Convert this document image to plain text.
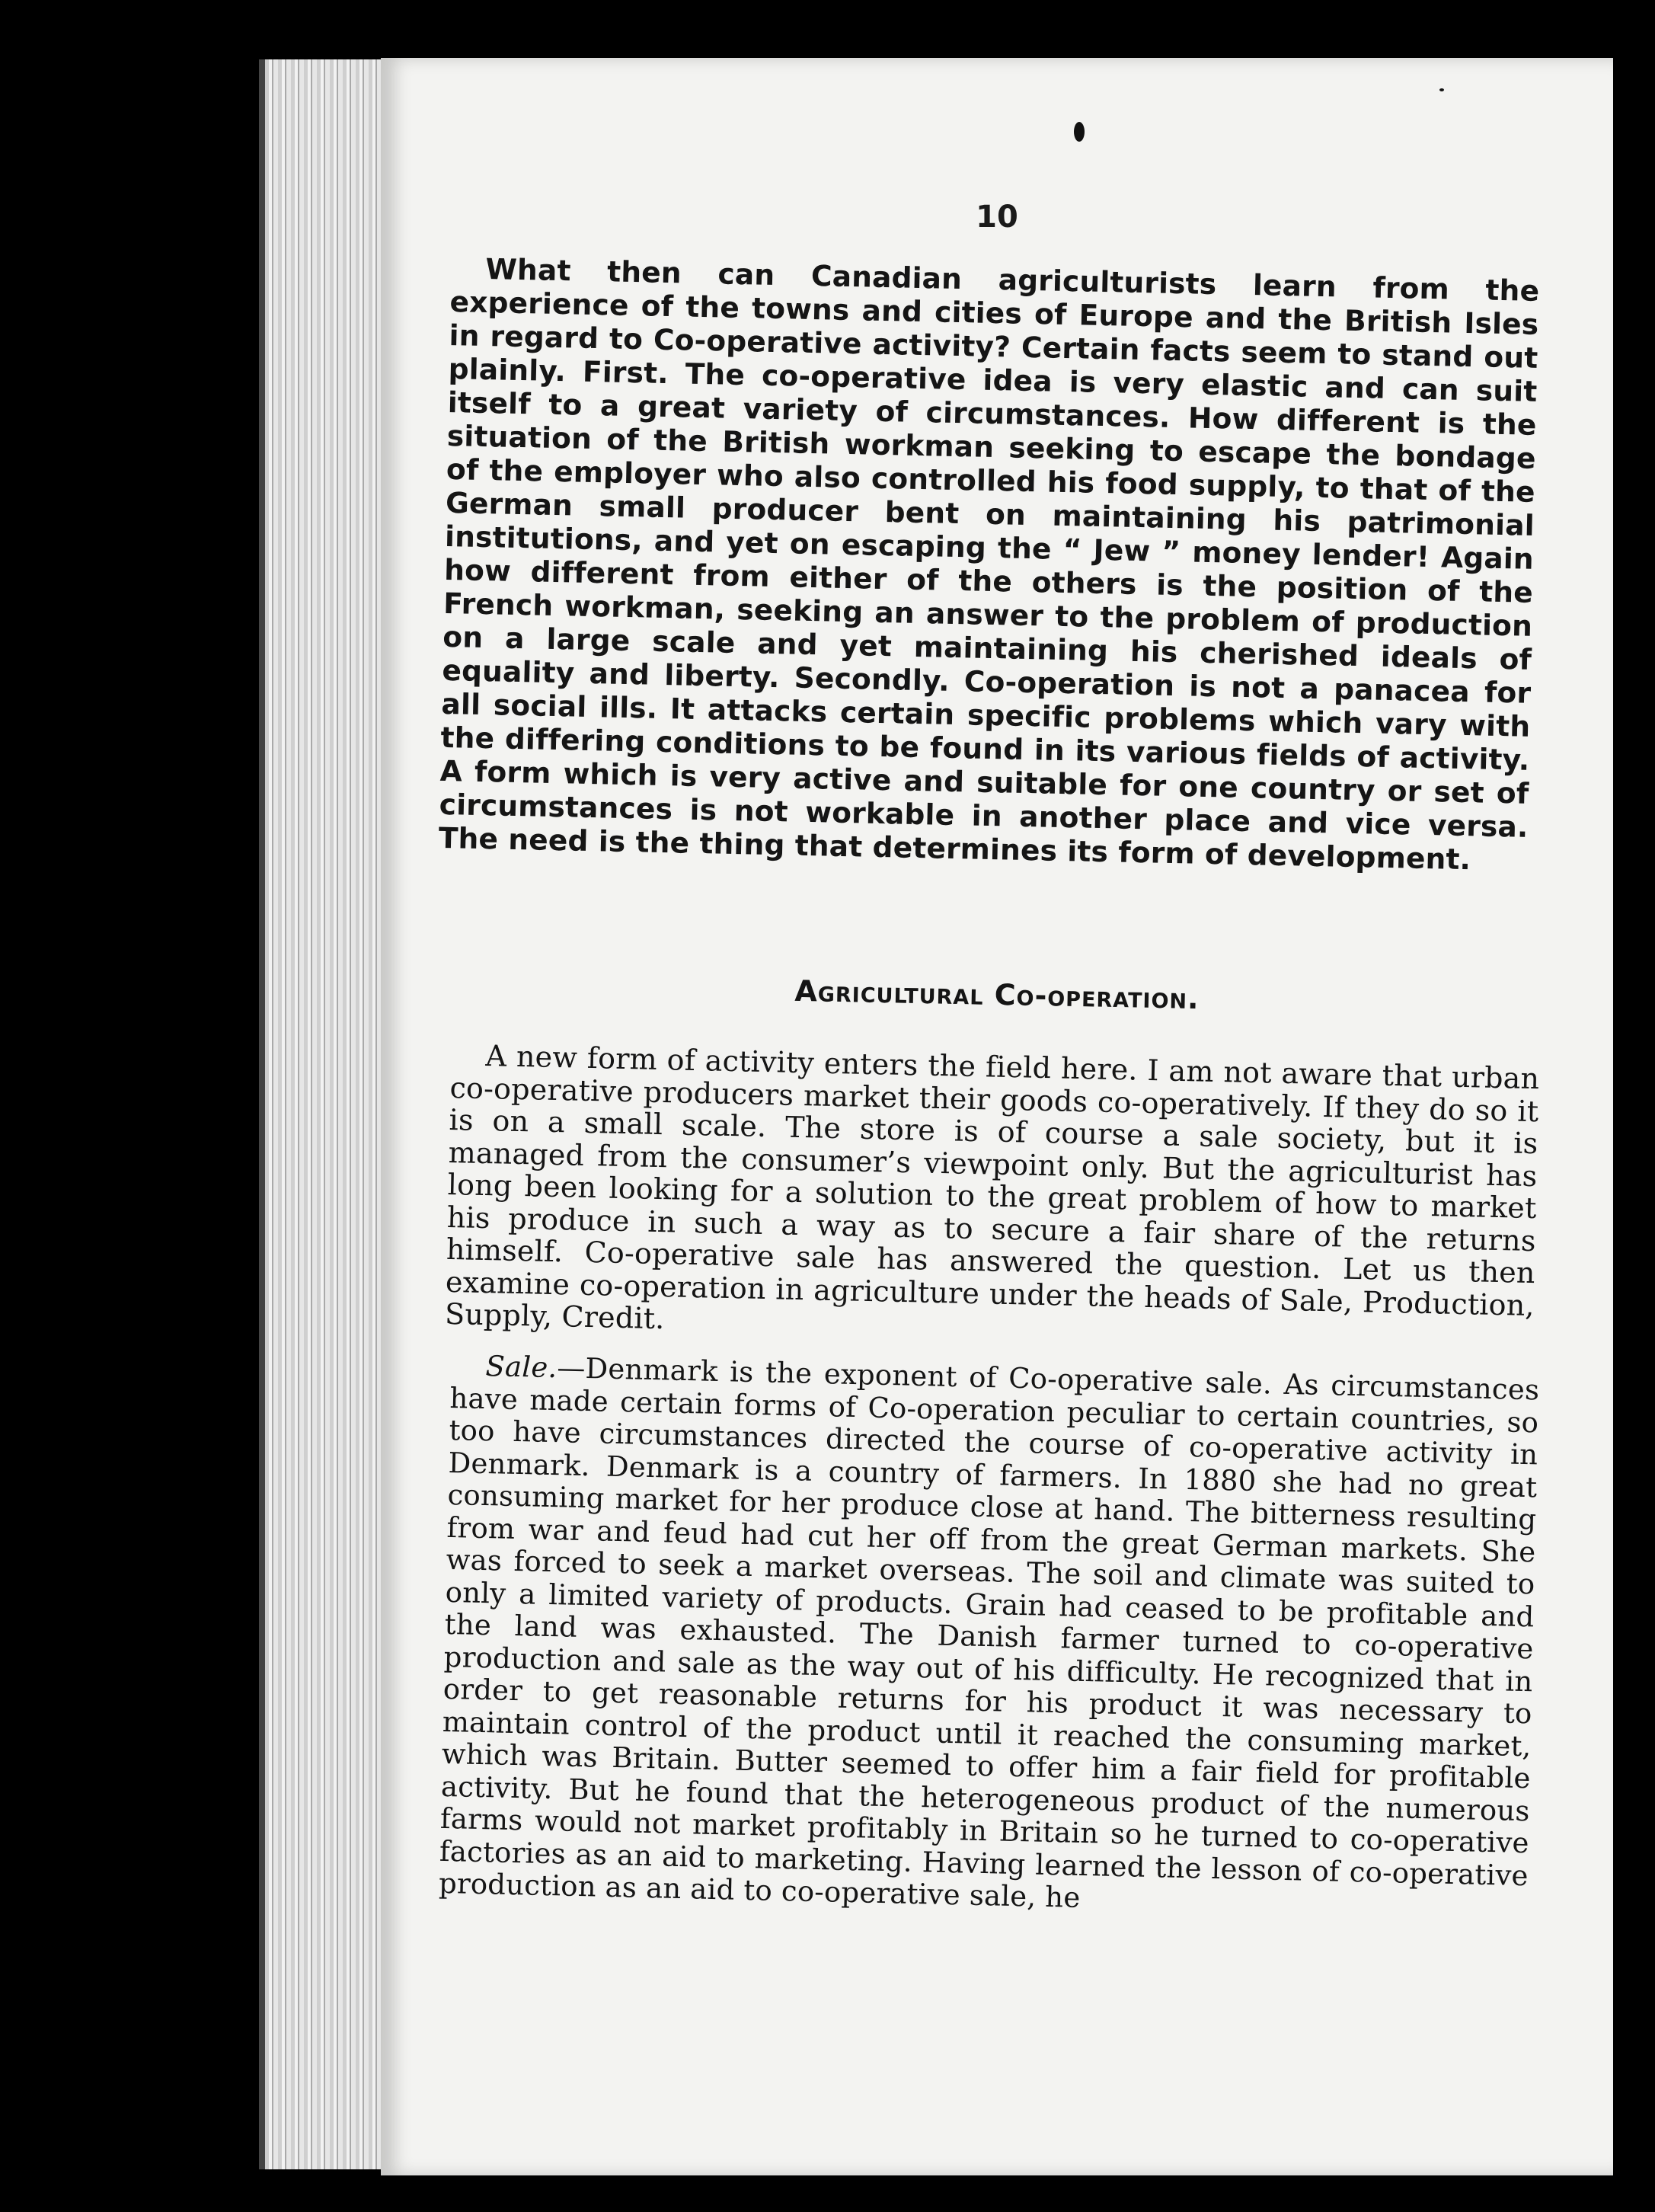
10

What then can Canadian agriculturists learn from the experience of the towns and cities of Europe and the British Isles in regard to Co-operative activity? Certain facts seem to stand out plainly. First. The co-operative idea is very elastic and can suit itself to a great variety of circumstances. How different is the situation of the British workman seeking to escape the bondage of the employer who also controlled his food supply, to that of the German small producer bent on maintaining his patrimonial institutions, and yet on escaping the “ Jew ” money lender! Again how different from either of the others is the position of the French workman, seeking an answer to the problem of production on a large scale and yet maintaining his cherished ideals of equality and liberty. Secondly. Co-operation is not a panacea for all social ills. It attacks certain specific problems which vary with the differing conditions to be found in its various fields of activity. A form which is very active and suitable for one country or set of circumstances is not workable in another place and vice versa. The need is the thing that determines its form of development.

Agricultural Co-operation.

A new form of activity enters the field here. I am not aware that urban co-operative producers market their goods co-operatively. If they do so it is on a small scale. The store is of course a sale society, but it is managed from the consumer’s viewpoint only. But the agriculturist has long been looking for a solution to the great problem of how to market his produce in such a way as to secure a fair share of the returns himself. Co-operative sale has answered the question. Let us then examine co-operation in agriculture under the heads of Sale, Production, Supply, Credit.

Sale.—Denmark is the exponent of Co-operative sale. As circumstances have made certain forms of Co-operation peculiar to certain countries, so too have circumstances directed the course of co-operative activity in Denmark. Denmark is a country of farmers. In 1880 she had no great consuming market for her produce close at hand. The bitterness resulting from war and feud had cut her off from the great German markets. She was forced to seek a market overseas. The soil and climate was suited to only a limited variety of products. Grain had ceased to be profitable and the land was exhausted. The Danish farmer turned to co-operative production and sale as the way out of his difficulty. He recognized that in order to get reasonable returns for his product it was necessary to maintain control of the product until it reached the consuming market, which was Britain. Butter seemed to offer him a fair field for profitable activity. But he found that the heterogeneous product of the numerous farms would not market profitably in Britain so he turned to co-operative factories as an aid to marketing. Having learned the lesson of co-operative production as an aid to co-operative sale, he
